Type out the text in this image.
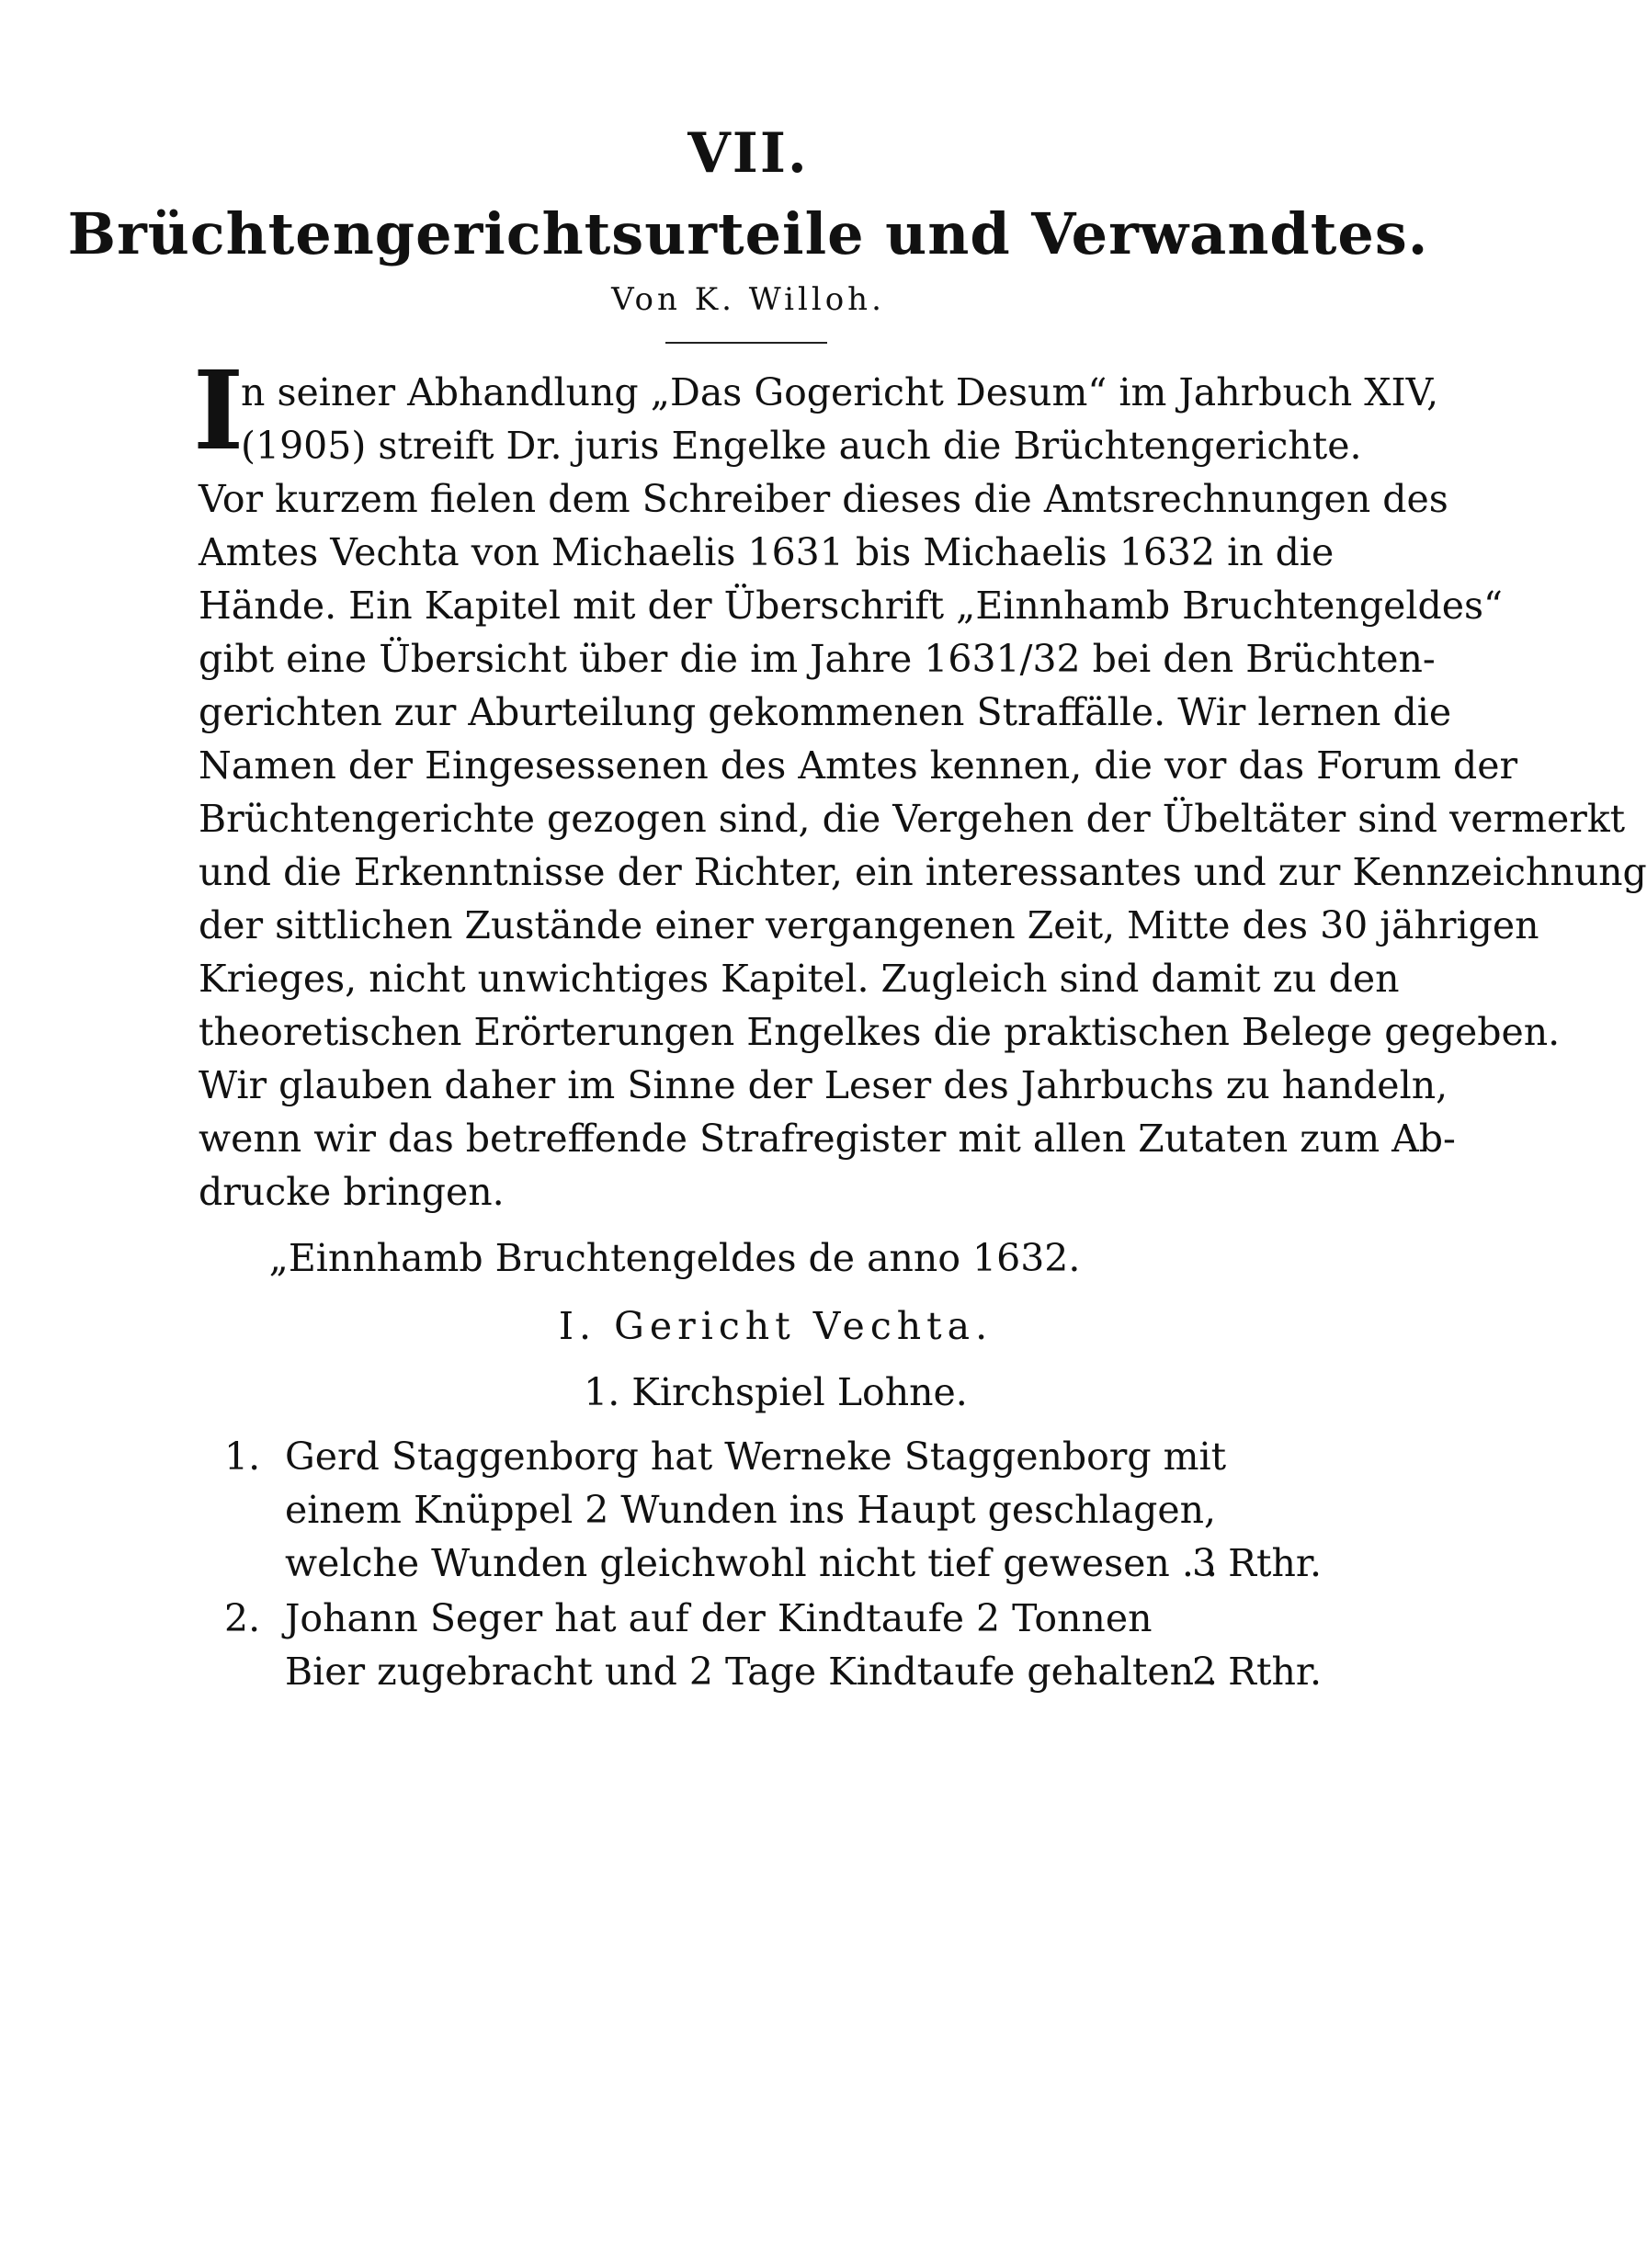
VII.
Brüchtengerichtsurteile und Verwandtes.
Von K. Willoh.
I
n seiner Abhandlung „Das Gogericht Desum“ im Jahrbuch XIV,
(1905) streift Dr. juris Engelke auch die Brüchtengerichte.
Vor kurzem fielen dem Schreiber dieses die Amtsrechnungen des
Amtes Vechta von Michaelis 1631 bis Michaelis 1632 in die
Hände. Ein Kapitel mit der Überschrift „Einnhamb Bruchtengeldes“
gibt eine Übersicht über die im Jahre 1631/32 bei den Brüchten-
gerichten zur Aburteilung gekommenen Straffälle. Wir lernen die
Namen der Eingesessenen des Amtes kennen, die vor das Forum der
Brüchtengerichte gezogen sind, die Vergehen der Übeltäter sind vermerkt
und die Erkenntnisse der Richter, ein interessantes und zur Kennzeichnung
der sittlichen Zustände einer vergangenen Zeit, Mitte des 30 jährigen
Krieges, nicht unwichtiges Kapitel. Zugleich sind damit zu den
theoretischen Erörterungen Engelkes die praktischen Belege gegeben.
Wir glauben daher im Sinne der Leser des Jahrbuchs zu handeln,
wenn wir das betreffende Strafregister mit allen Zutaten zum Ab-
drucke bringen.
„Einnhamb Bruchtengeldes de anno 1632.
I. Gericht Vechta.
1. Kirchspiel Lohne.
1. Gerd Staggenborg hat Werneke Staggenborg mit
einem Knüppel 2 Wunden ins Haupt geschlagen,
welche Wunden gleichwohl nicht tief gewesen . .
3 Rthr.
2. Johann Seger hat auf der Kindtaufe 2 Tonnen
Bier zugebracht und 2 Tage Kindtaufe gehalten .
2 Rthr.
